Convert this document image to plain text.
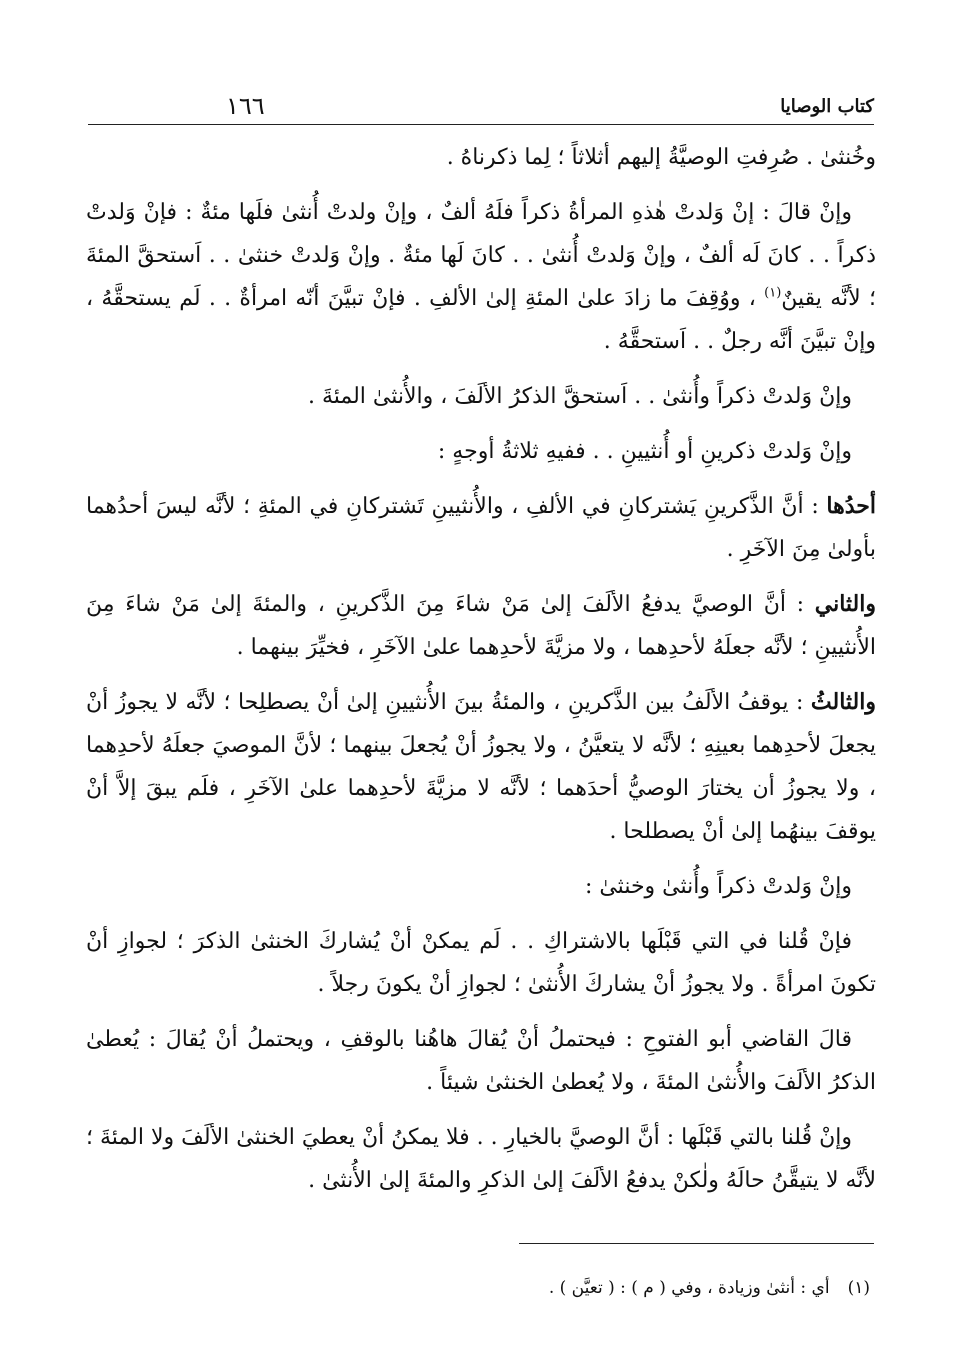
كتاب الوصايا
١٦٦

وخُنثىٰ . صُرِفتِ الوصيَّةُ إليهم أثلاثاً ؛ لِما ذكرناهُ .

وإنْ قالَ : إنْ وَلدتْ هٰذهِ المرأةُ ذكراً فلَهُ ألفٌ ، وإنْ ولدتْ أُنثىٰ فلَها مئةٌ : فإنْ وَلدتْ ذكراً . . كانَ لَه ألفٌ ، وإنْ وَلدتْ أُنثىٰ . . كانَ لَها مئةٌ . وإنْ وَلدتْ خنثىٰ . . اَستحقَّ المئةَ ؛ لأنَّه يقينٌ$^{(١)}$ ، ووُقِفَ ما زادَ علىٰ المئةِ إلىٰ الألفِ . فإنْ تبيَّنَ أنّه امرأةٌ . . لَم يستحقَّهُ ، وإنْ تبيَّنَ أنَّه رجلٌ . . اَستحقَّهُ .

وإنْ وَلدتْ ذكراً وأُنثىٰ . . اَستحقَّ الذكرُ الألَفَ ، والأُنثىٰ المئةَ .

وإنْ وَلدتْ ذكرينِ أو أُنثيينِ . . ففيهِ ثلاثةُ أوجهٍ :

أحدُها : أنَّ الذَّكرينِ يَشتركانِ في الألفِ ، والأُنثيينِ تَشتركانِ في المئةِ ؛ لأنَّه ليسَ أحدُهما بأولىٰ مِنَ الآخَرِ .

والثاني : أنَّ الوصيَّ يدفعُ الألَفَ إلىٰ مَنْ شاءَ مِنَ الذَّكرينِ ، والمئةَ إلىٰ مَنْ شاءَ مِنَ الأُنثيينِ ؛ لأنَّه جعلَهُ لأحدِهما ، ولا مزيَّةَ لأحدِهما علىٰ الآخَرِ ، فخيِّرَ بينهما .

والثالثُ : يوقفُ الألَفُ بين الذَّكرينِ ، والمئةُ بينَ الأُنثيينِ إلىٰ أنْ يصطلِحا ؛ لأنَّه لا يجوزُ أنْ يجعلَ لأحدِهما بعينِهِ ؛ لأنَّه لا يتعيَّنُ ، ولا يجوزُ أنْ يُجعلَ بينهما ؛ لأنَّ الموصيَ جعلَهُ لأحدِهما ، ولا يجوزُ أن يختارَ الوصيُّ أحدَهما ؛ لأنَّه لا مزيَّةَ لأحدِهما علىٰ الآخَرِ ، فلَم يبقَ إلاَّ أنْ يوقفَ بينهُما إلىٰ أنْ يصطلحا .

وإنْ وَلدتْ ذكراً وأُنثىٰ وخنثىٰ :

فإنْ قُلنا في التي قَبْلَها بالاشتراكِ . . لَم يمكنْ أنْ يُشاركَ الخنثىٰ الذكرَ ؛ لجوازِ أنْ تكونَ امرأةً . ولا يجوزُ أنْ يشاركَ الأُنثىٰ ؛ لجوازِ أنْ يكونَ رجلاً .

قالَ القاضي أبو الفتوحِ : فيحتملُ أنْ يُقالَ هاهُنا بالوقفِ ، ويحتملُ أنْ يُقالَ : يُعطىٰ الذكرُ الألَفَ والأُنثىٰ المئةَ ، ولا يُعطىٰ الخنثىٰ شيئاً .

وإنْ قُلنا بالتي قَبْلَها : أنَّ الوصيَّ بالخيارِ . . فلا يمكنُ أنْ يعطيَ الخنثىٰ الألَفَ ولا المئةَ ؛ لأنَّه لا يتيقَّنُ حالَهُ ولٰكنْ يدفعُ الألَفَ إلىٰ الذكرِ والمئةَ إلىٰ الأُنثىٰ .

(١)أي : أنثىٰ وزيادة ، وفي ( م ) : ( تعيَّن ) .
